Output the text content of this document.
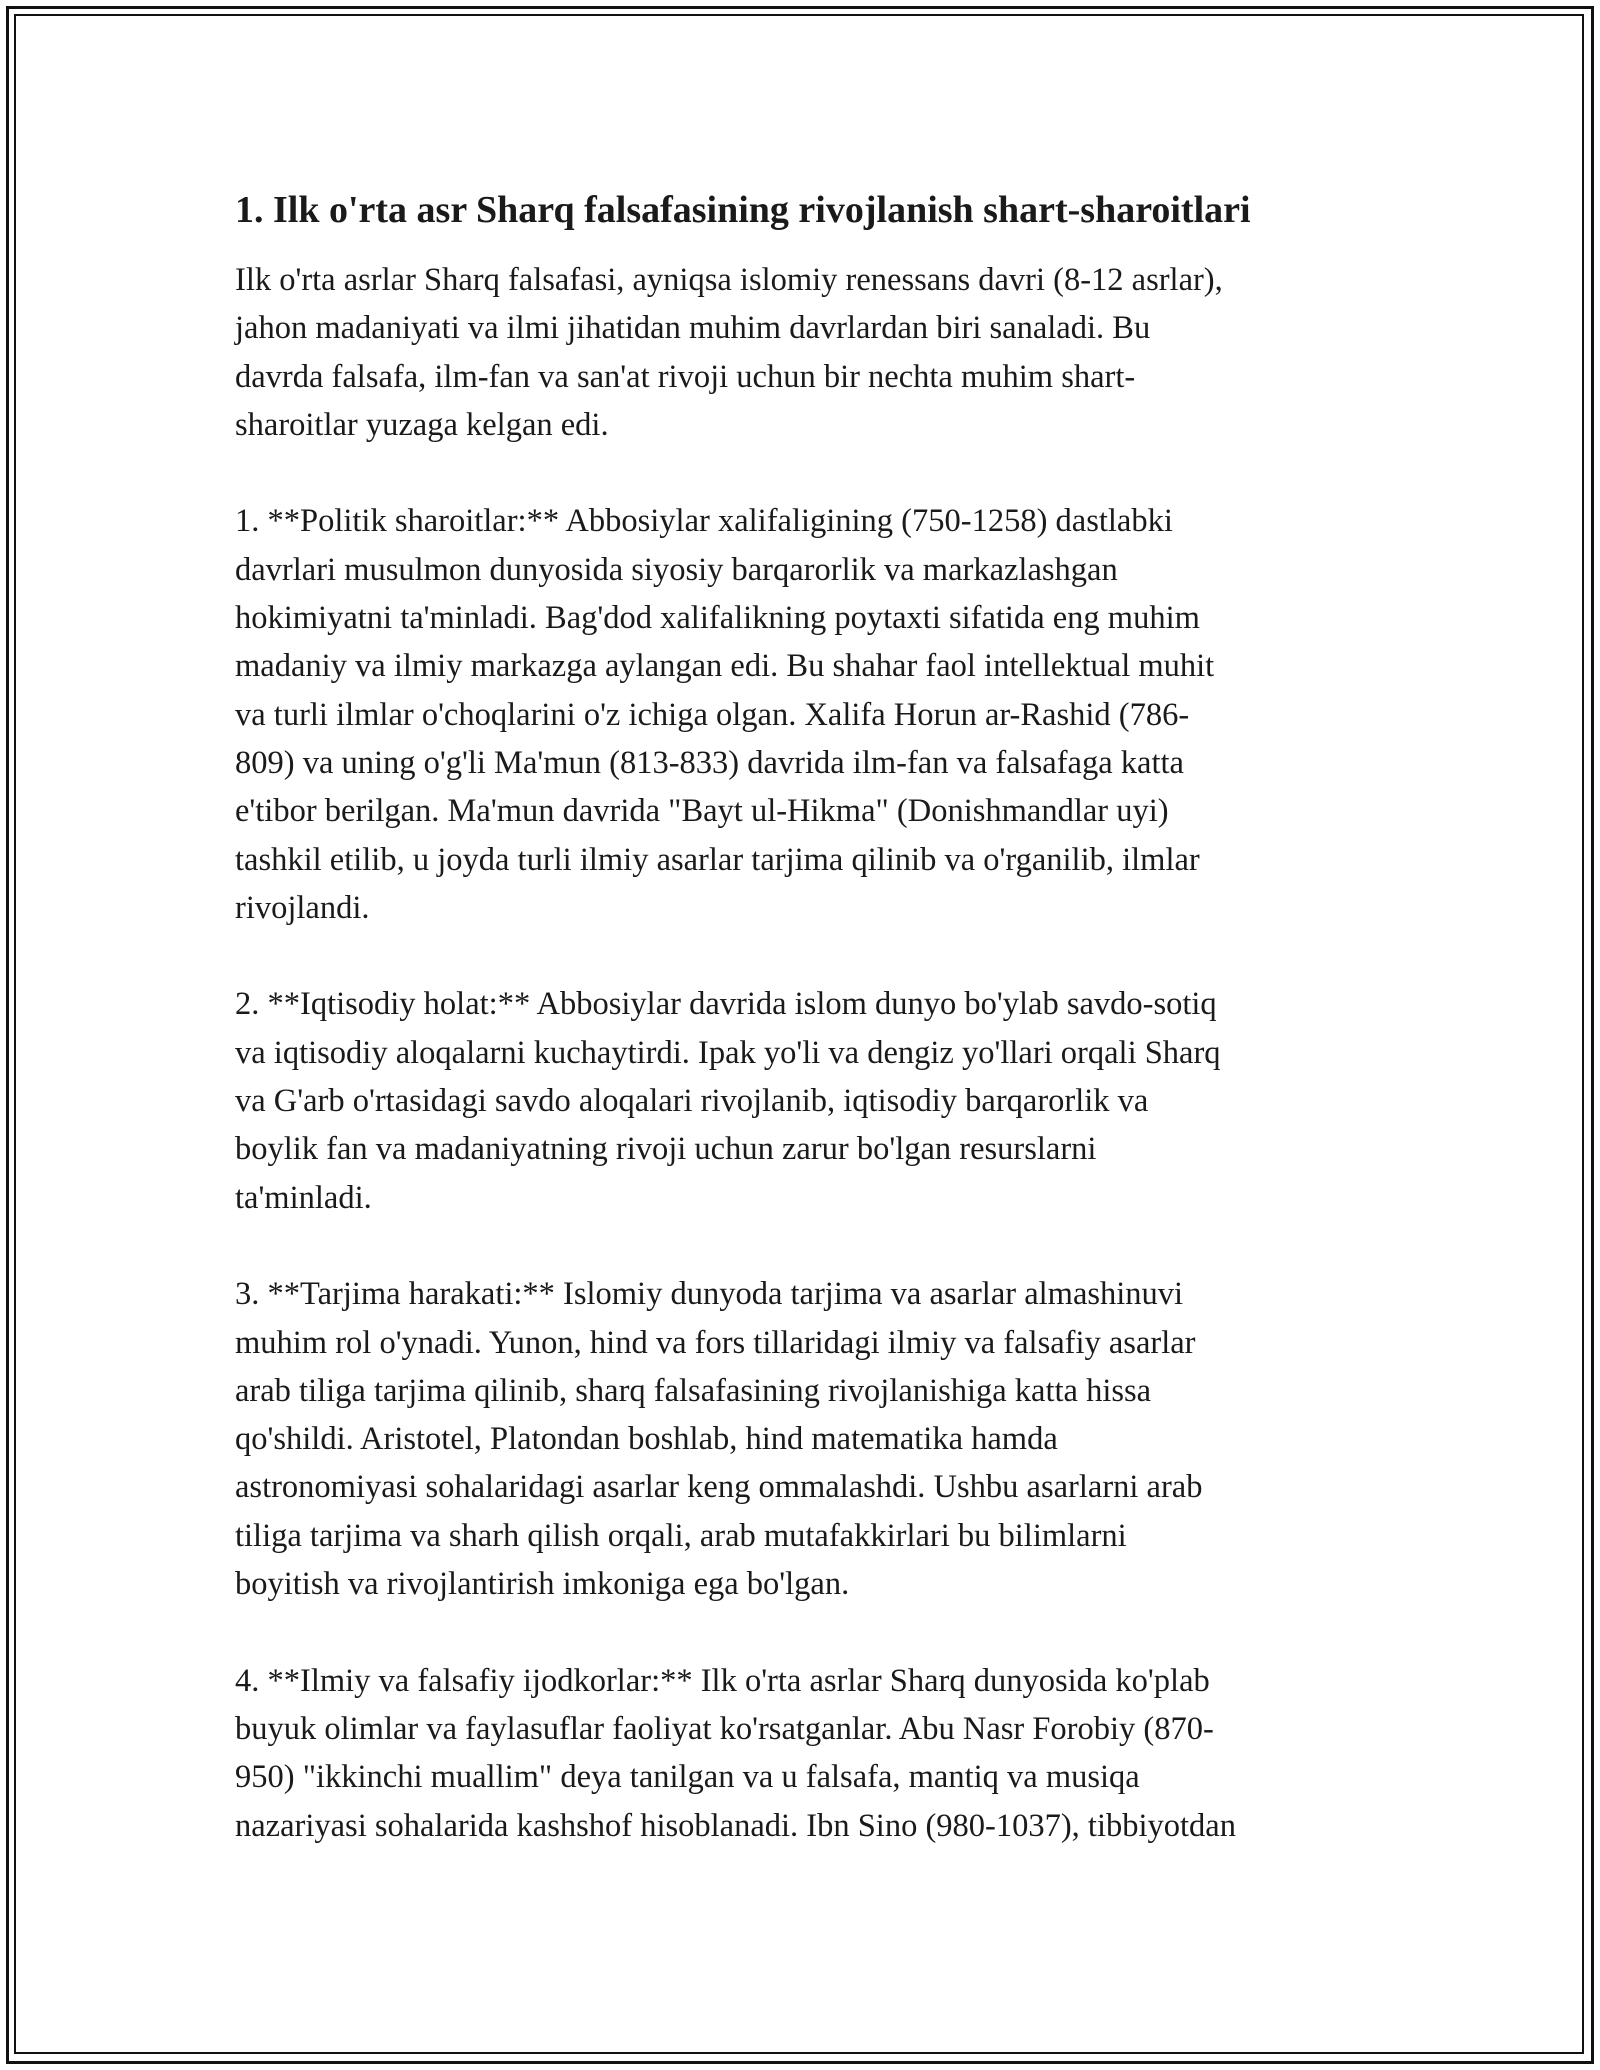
1. Ilk o'rta asr Sharq falsafasining rivojlanish shart-sharoitlari

Ilk o'rta asrlar Sharq falsafasi, ayniqsa islomiy renessans davri (8-12 asrlar),
jahon madaniyati va ilmi jihatidan muhim davrlardan biri sanaladi. Bu
davrda falsafa, ilm-fan va san'at rivoji uchun bir nechta muhim shart-
sharoitlar yuzaga kelgan edi.

1. **Politik sharoitlar:** Abbosiylar xalifaligining (750-1258) dastlabki
davrlari musulmon dunyosida siyosiy barqarorlik va markazlashgan
hokimiyatni ta'minladi. Bag'dod xalifalikning poytaxti sifatida eng muhim
madaniy va ilmiy markazga aylangan edi. Bu shahar faol intellektual muhit
va turli ilmlar o'choqlarini o'z ichiga olgan. Xalifa Horun ar-Rashid (786-
809) va uning o'g'li Ma'mun (813-833) davrida ilm-fan va falsafaga katta
e'tibor berilgan. Ma'mun davrida "Bayt ul-Hikma" (Donishmandlar uyi)
tashkil etilib, u joyda turli ilmiy asarlar tarjima qilinib va o'rganilib, ilmlar
rivojlandi.

2. **Iqtisodiy holat:** Abbosiylar davrida islom dunyo bo'ylab savdo-sotiq
va iqtisodiy aloqalarni kuchaytirdi. Ipak yo'li va dengiz yo'llari orqali Sharq
va G'arb o'rtasidagi savdo aloqalari rivojlanib, iqtisodiy barqarorlik va
boylik fan va madaniyatning rivoji uchun zarur bo'lgan resurslarni
ta'minladi.

3. **Tarjima harakati:** Islomiy dunyoda tarjima va asarlar almashinuvi
muhim rol o'ynadi. Yunon, hind va fors tillaridagi ilmiy va falsafiy asarlar
arab tiliga tarjima qilinib, sharq falsafasining rivojlanishiga katta hissa
qo'shildi. Aristotel, Platondan boshlab, hind matematika hamda
astronomiyasi sohalaridagi asarlar keng ommalashdi. Ushbu asarlarni arab
tiliga tarjima va sharh qilish orqali, arab mutafakkirlari bu bilimlarni
boyitish va rivojlantirish imkoniga ega bo'lgan.

4. **Ilmiy va falsafiy ijodkorlar:** Ilk o'rta asrlar Sharq dunyosida ko'plab
buyuk olimlar va faylasuflar faoliyat ko'rsatganlar. Abu Nasr Forobiy (870-
950) "ikkinchi muallim" deya tanilgan va u falsafa, mantiq va musiqa
nazariyasi sohalarida kashshof hisoblanadi. Ibn Sino (980-1037), tibbiyotdan
